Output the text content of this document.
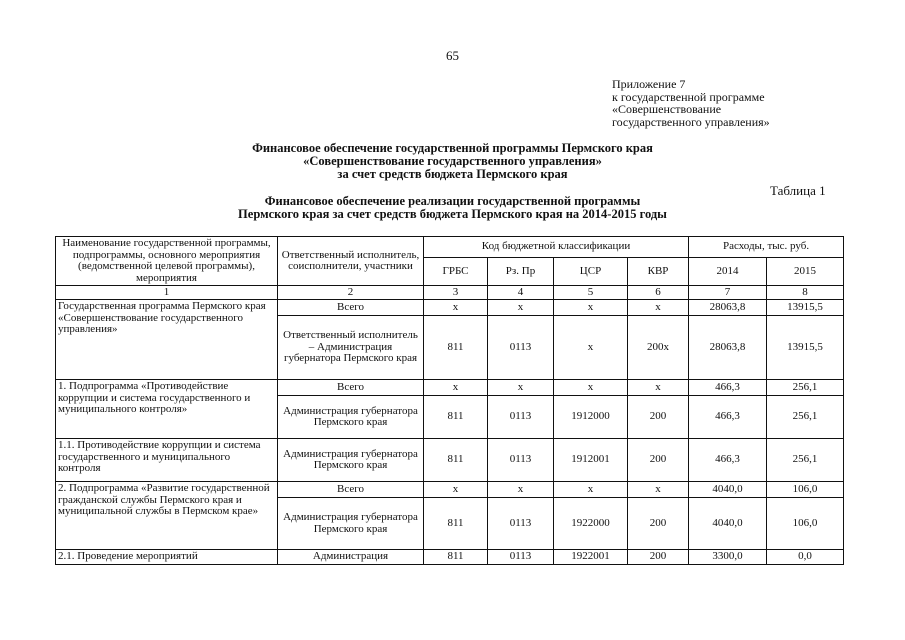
65
Приложение 7
к государственной программе
«Совершенствование
государственного управления»
Финансовое обеспечение государственной программы Пермского края
«Совершенствование государственного управления»
за счет средств бюджета Пермского края
Таблица 1
Финансовое обеспечение реализации государственной программы
Пермского края за счет средств бюджета Пермского края на 2014-2015 годы
Наименование государственной программы, подпрограммы, основного мероприятия (ведомственной целевой программы), мероприятия	Ответственный исполнитель, соисполнители, участники	Код бюджетной классификации				Расходы, тыс. руб.	
		ГРБС	Рз. Пр	ЦСР	КВР	2014	2015
1	2	3	4	5	6	7	8
Государственная программа Пермского края «Совершенствование государственного управления»	Всего	х	х	х	х	28063,8	13915,5
	Ответственный исполнитель – Администрация губернатора Пермского края	811	0113	х	200х	28063,8	13915,5
1. Подпрограмма «Противодействие коррупции и система государственного и муниципального контроля»	Всего	х	х	х	х	466,3	256,1
	Администрация губернатора Пермского края	811	0113	1912000	200	466,3	256,1
1.1. Противодействие коррупции и система государственного и муниципального контроля	Администрация губернатора Пермского края	811	0113	1912001	200	466,3	256,1
2. Подпрограмма «Развитие государственной гражданской службы Пермского края и муниципальной службы в Пермском крае»	Всего	х	х	х	х	4040,0	106,0
	Администрация губернатора Пермского края	811	0113	1922000	200	4040,0	106,0
2.1. Проведение мероприятий	Администрация	811	0113	1922001	200	3300,0	0,0
